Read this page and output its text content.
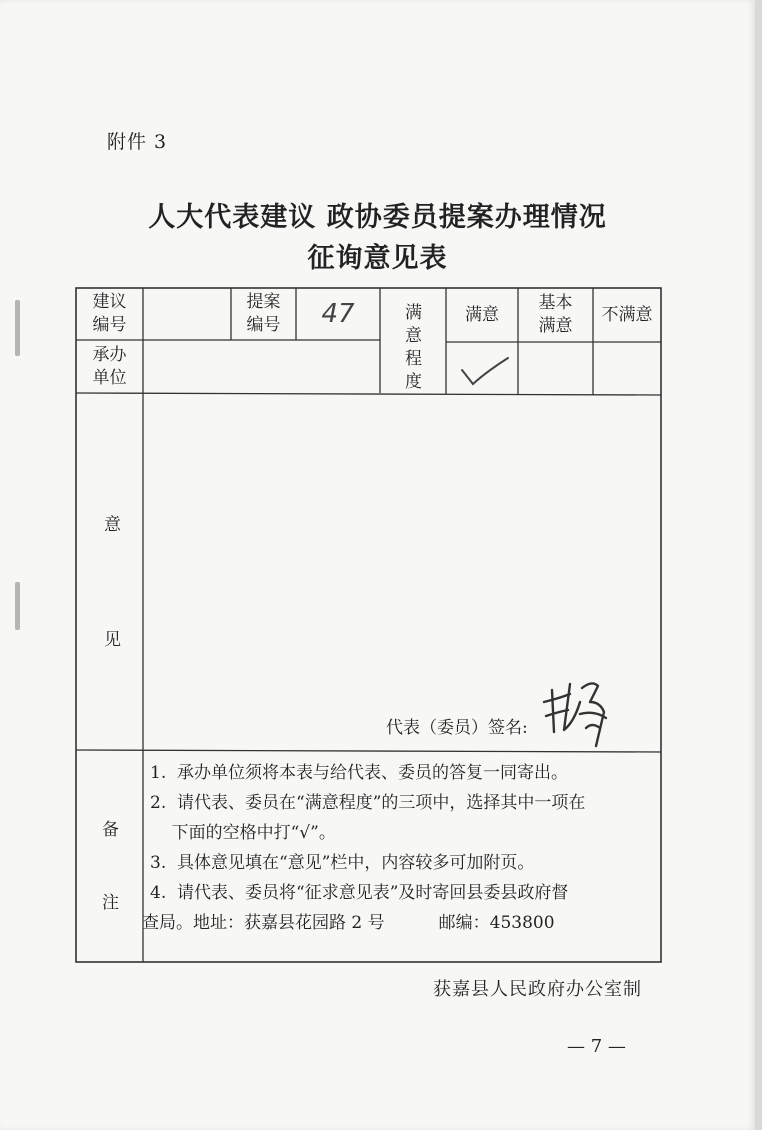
附件 3
人大代表建议 政协委员提案办理情况
征询意见表
建议
编号
提案
编号	47	满
意
程
度
满意
基本
满意
不满意
承办
单位
意
见
代表（委员）签名:
备
注
1.  承办单位须将本表与给代表、委员的答复一同寄出。
2.  请代表、委员在“满意程度”的三项中，选择其中一项在
下面的空格中打“√”。
3.  具体意见填在“意见”栏中，内容较多可加附页。
4.  请代表、委员将“征求意见表”及时寄回县委县政府督
查局。地址：获嘉县花园路 2 号          邮编：453800
获嘉县人民政府办公室制
— 7 —
